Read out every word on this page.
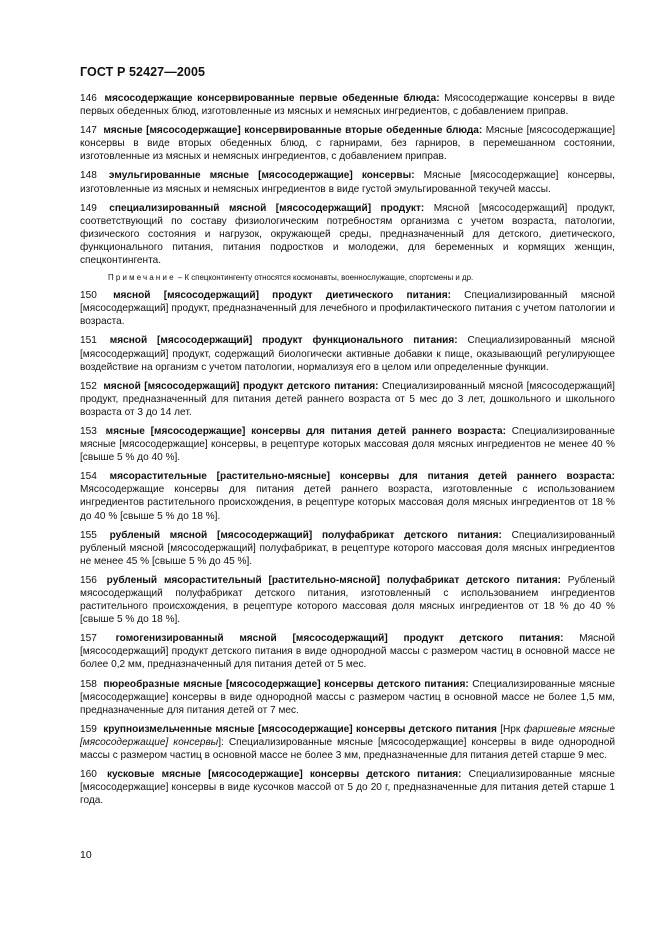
ГОСТ Р 52427—2005

146 мясосодержащие консервированные первые обеденные блюда: Мясосодержащие консервы в виде первых обеденных блюд, изготовленные из мясных и немясных ингредиентов, с добавлением приправ.

147 мясные [мясосодержащие] консервированные вторые обеденные блюда: Мясные [мясосодержащие] консервы в виде вторых обеденных блюд, с гарнирами, без гарниров, в перемешанном состоянии, изготовленные из мясных и немясных ингредиентов, с добавлением приправ.

148 эмульгированные мясные [мясосодержащие] консервы: Мясные [мясосодержащие] консервы, изготовленные из мясных и немясных ингредиентов в виде густой эмульгированной текучей массы.

149 специализированный мясной [мясосодержащий] продукт: Мясной [мясосодержащий] продукт, соответствующий по составу физиологическим потребностям организма с учетом возраста, патологии, физического состояния и нагрузок, окружающей среды, предназначенный для детского, диетического, функционального питания, питания подростков и молодежи, для беременных и кормящих женщин, спецконтингента.

Примечание – К спецконтингенту относятся космонавты, военнослужащие, спортсмены и др.

150 мясной [мясосодержащий] продукт диетического питания: Специализированный мясной [мясосодержащий] продукт, предназначенный для лечебного и профилактического питания с учетом патологии и возраста.

151 мясной [мясосодержащий] продукт функционального питания: Специализированный мясной [мясосодержащий] продукт, содержащий биологически активные добавки к пище, оказывающий регулирующее воздействие на организм с учетом патологии, нормализуя его в целом или определенные функции.

152 мясной [мясосодержащий] продукт детского питания: Специализированный мясной [мясосодержащий] продукт, предназначенный для питания детей раннего возраста от 5 мес до 3 лет, дошкольного и школьного возраста от 3 до 14 лет.

153 мясные [мясосодержащие] консервы для питания детей раннего возраста: Специализированные мясные [мясосодержащие] консервы, в рецептуре которых массовая доля мясных ингредиентов не менее 40 % [свыше 5 % до 40 %].

154 мясорастительные [растительно-мясные] консервы для питания детей раннего возраста: Мясосодержащие консервы для питания детей раннего возраста, изготовленные с использованием ингредиентов растительного происхождения, в рецептуре которых массовая доля мясных ингредиентов от 18 % до 40 % [свыше 5 % до 18 %].

155 рубленый мясной [мясосодержащий] полуфабрикат детского питания: Специализированный рубленый мясной [мясосодержащий] полуфабрикат, в рецептуре которого массовая доля мясных ингредиентов не менее 45 % [свыше 5 % до 45 %].

156 рубленый мясорастительный [растительно-мясной] полуфабрикат детского питания: Рубленый мясосодержащий полуфабрикат детского питания, изготовленный с использованием ингредиентов растительного происхождения, в рецептуре которого массовая доля мясных ингредиентов от 18 % до 40 % [свыше 5 % до 18 %].

157 гомогенизированный мясной [мясосодержащий] продукт детского питания: Мясной [мясосодержащий] продукт детского питания в виде однородной массы с размером частиц в основной массе не более 0,2 мм, предназначенный для питания детей от 5 мес.

158 пюреобразные мясные [мясосодержащие] консервы детского питания: Специализированные мясные [мясосодержащие] консервы в виде однородной массы с размером частиц в основной массе не более 1,5 мм, предназначенные для питания детей от 7 мес.

159 крупноизмельченные мясные [мясосодержащие] консервы детского питания [Нрк фаршевые мясные [мясосодержащие] консервы]: Специализированные мясные [мясосодержащие] консервы в виде однородной массы с размером частиц в основной массе не более 3 мм, предназначенные для питания детей старше 9 мес.

160 кусковые мясные [мясосодержащие] консервы детского питания: Специализированные мясные [мясосодержащие] консервы в виде кусочков массой от 5 до 20 г, предназначенные для питания детей старше 1 года.

10
